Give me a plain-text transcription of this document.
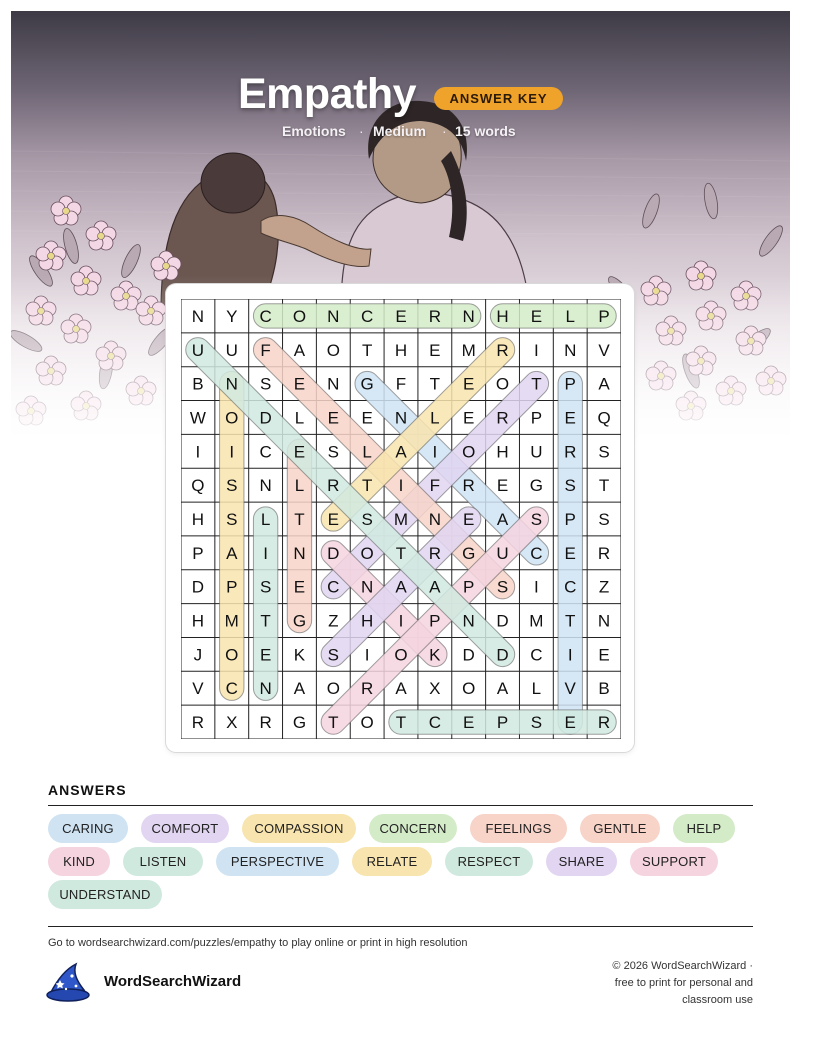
Empathy	ANSWER KEY
Emotions · Medium · 15 words
N Y C O N C E R N H E L P
U U F A O T H E M R I N V
B N S E N G F T E O T P A
W O D L E E N L E R P E Q
I I C E S L A I O H U R S
Q S N L R T I F R E G S T
H S L T E S M N E A S P S
P A I N D O T R G U C E R
D P S E C N A A P S I C Z
H M T G Z H I P N D M T N
J O E K S I O K D D C I E
V C N A O R A X O A L V B
R X R G T O T C E P S E R
ANSWERS
CARING	COMFORT	COMPASSION	CONCERN	FEELINGS	GENTLE	HELP
KIND	LISTEN	PERSPECTIVE	RELATE	RESPECT	SHARE	SUPPORT
UNDERSTAND
Go to wordsearchwizard.com/puzzles/empathy to play online or print in high resolution
WordSearchWizard
© 2026 WordSearchWizard ·
free to print for personal and
classroom use
